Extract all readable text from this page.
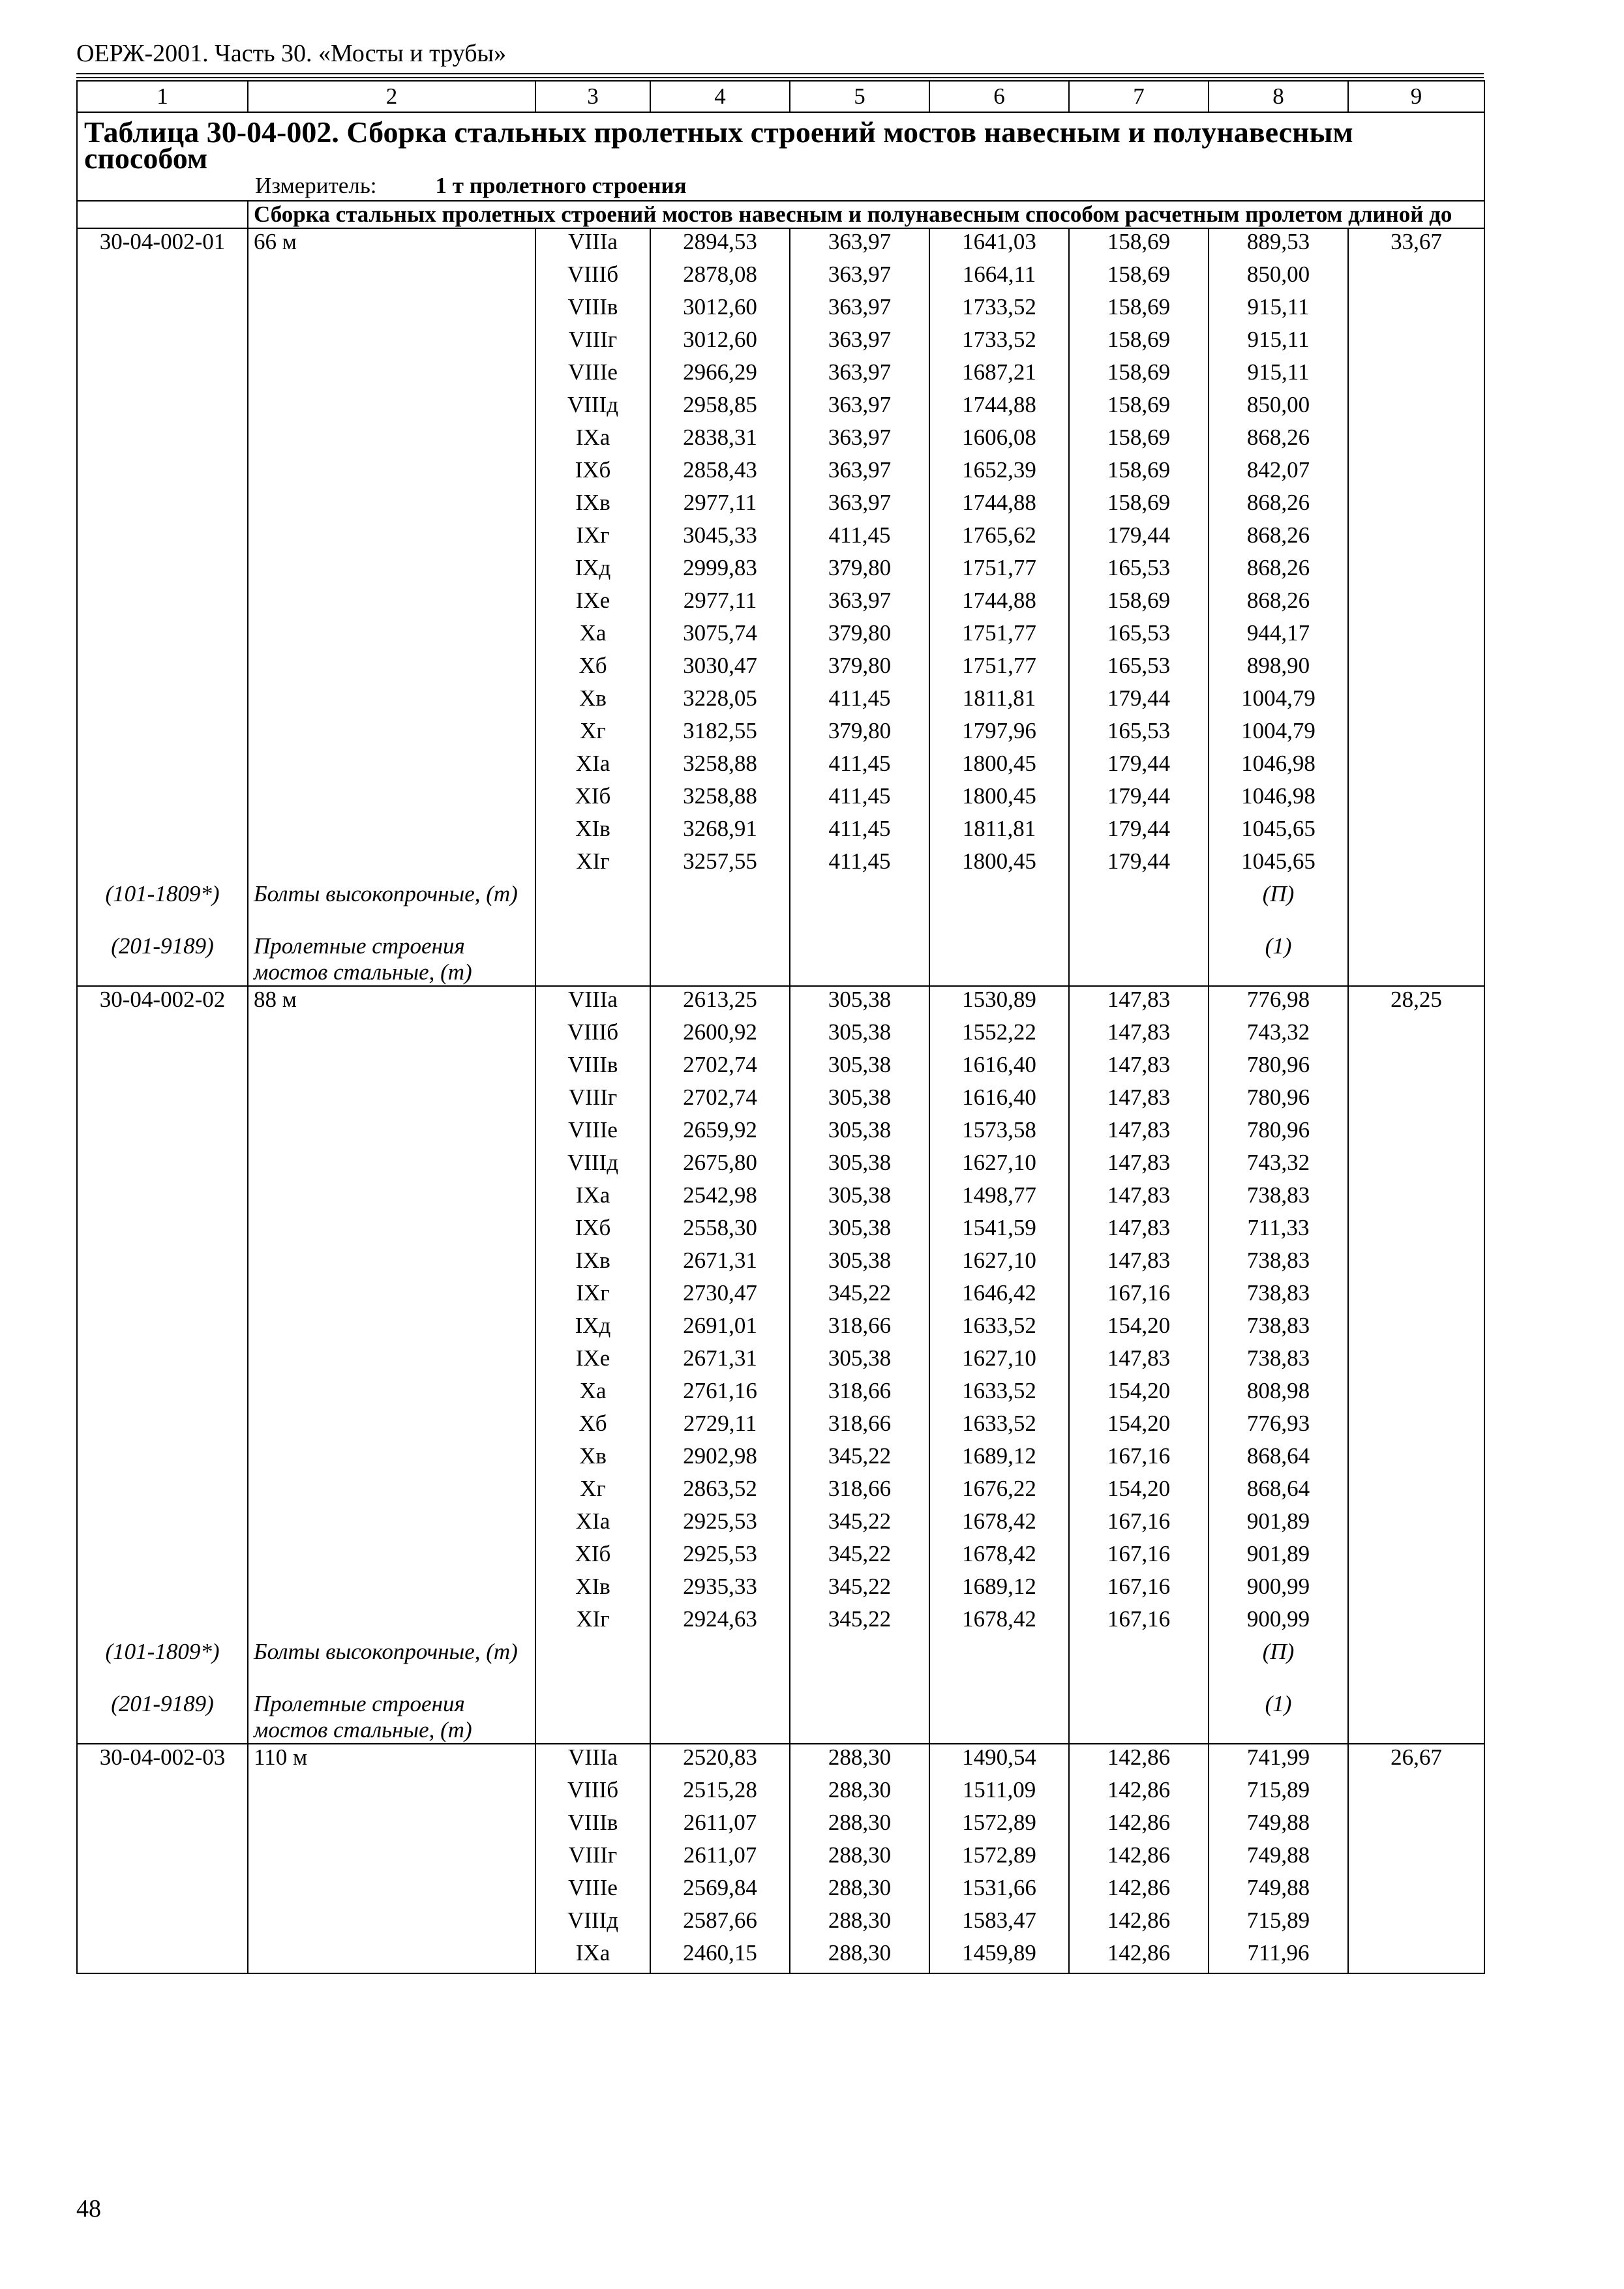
ОЕРЖ-2001. Часть 30. «Мосты и трубы»
1	2	3	4	5	6	7	8	9

Таблица 30-04-002. Сборка стальных пролетных строений мостов навесным и полунавесным способом
Измеритель: 1 т пролетного строения								

	Сборка стальных пролетных строений мостов навесным и полунавесным способом расчетным пролетом длиной до							
30-04-002-01	66 м	VIIIа	2894,53	363,97	1641,03	158,69	889,53	33,67
		VIIIб	2878,08	363,97	1664,11	158,69	850,00	
		VIIIв	3012,60	363,97	1733,52	158,69	915,11	
		VIIIг	3012,60	363,97	1733,52	158,69	915,11	
		VIIIе	2966,29	363,97	1687,21	158,69	915,11	
		VIIIд	2958,85	363,97	1744,88	158,69	850,00	
		IXа	2838,31	363,97	1606,08	158,69	868,26	
		IXб	2858,43	363,97	1652,39	158,69	842,07	
		IXв	2977,11	363,97	1744,88	158,69	868,26	
		IXг	3045,33	411,45	1765,62	179,44	868,26	
		IXд	2999,83	379,80	1751,77	165,53	868,26	
		IXе	2977,11	363,97	1744,88	158,69	868,26	
		Xа	3075,74	379,80	1751,77	165,53	944,17	
		Xб	3030,47	379,80	1751,77	165,53	898,90	
		Xв	3228,05	411,45	1811,81	179,44	1004,79	
		Xг	3182,55	379,80	1797,96	165,53	1004,79	
		XIа	3258,88	411,45	1800,45	179,44	1046,98	
		XIб	3258,88	411,45	1800,45	179,44	1046,98	
		XIв	3268,91	411,45	1811,81	179,44	1045,65	
		XIг	3257,55	411,45	1800,45	179,44	1045,65	
(101-1809*)	Болты высокопрочные, (т)						(П)	
(201-9189)	Пролетные строения мостов стальные, (т)						(1)	
30-04-002-02	88 м	VIIIа	2613,25	305,38	1530,89	147,83	776,98	28,25
		VIIIб	2600,92	305,38	1552,22	147,83	743,32	
		VIIIв	2702,74	305,38	1616,40	147,83	780,96	
		VIIIг	2702,74	305,38	1616,40	147,83	780,96	
		VIIIе	2659,92	305,38	1573,58	147,83	780,96	
		VIIIд	2675,80	305,38	1627,10	147,83	743,32	
		IXа	2542,98	305,38	1498,77	147,83	738,83	
		IXб	2558,30	305,38	1541,59	147,83	711,33	
		IXв	2671,31	305,38	1627,10	147,83	738,83	
		IXг	2730,47	345,22	1646,42	167,16	738,83	
		IXд	2691,01	318,66	1633,52	154,20	738,83	
		IXе	2671,31	305,38	1627,10	147,83	738,83	
		Xа	2761,16	318,66	1633,52	154,20	808,98	
		Xб	2729,11	318,66	1633,52	154,20	776,93	
		Xв	2902,98	345,22	1689,12	167,16	868,64	
		Xг	2863,52	318,66	1676,22	154,20	868,64	
		XIа	2925,53	345,22	1678,42	167,16	901,89	
		XIб	2925,53	345,22	1678,42	167,16	901,89	
		XIв	2935,33	345,22	1689,12	167,16	900,99	
		XIг	2924,63	345,22	1678,42	167,16	900,99	
(101-1809*)	Болты высокопрочные, (т)						(П)	
(201-9189)	Пролетные строения мостов стальные, (т)						(1)	
30-04-002-03	110 м	VIIIа	2520,83	288,30	1490,54	142,86	741,99	26,67
		VIIIб	2515,28	288,30	1511,09	142,86	715,89	
		VIIIв	2611,07	288,30	1572,89	142,86	749,88	
		VIIIг	2611,07	288,30	1572,89	142,86	749,88	
		VIIIе	2569,84	288,30	1531,66	142,86	749,88	
		VIIIд	2587,66	288,30	1583,47	142,86	715,89	
		IXа	2460,15	288,30	1459,89	142,86	711,96	
48
